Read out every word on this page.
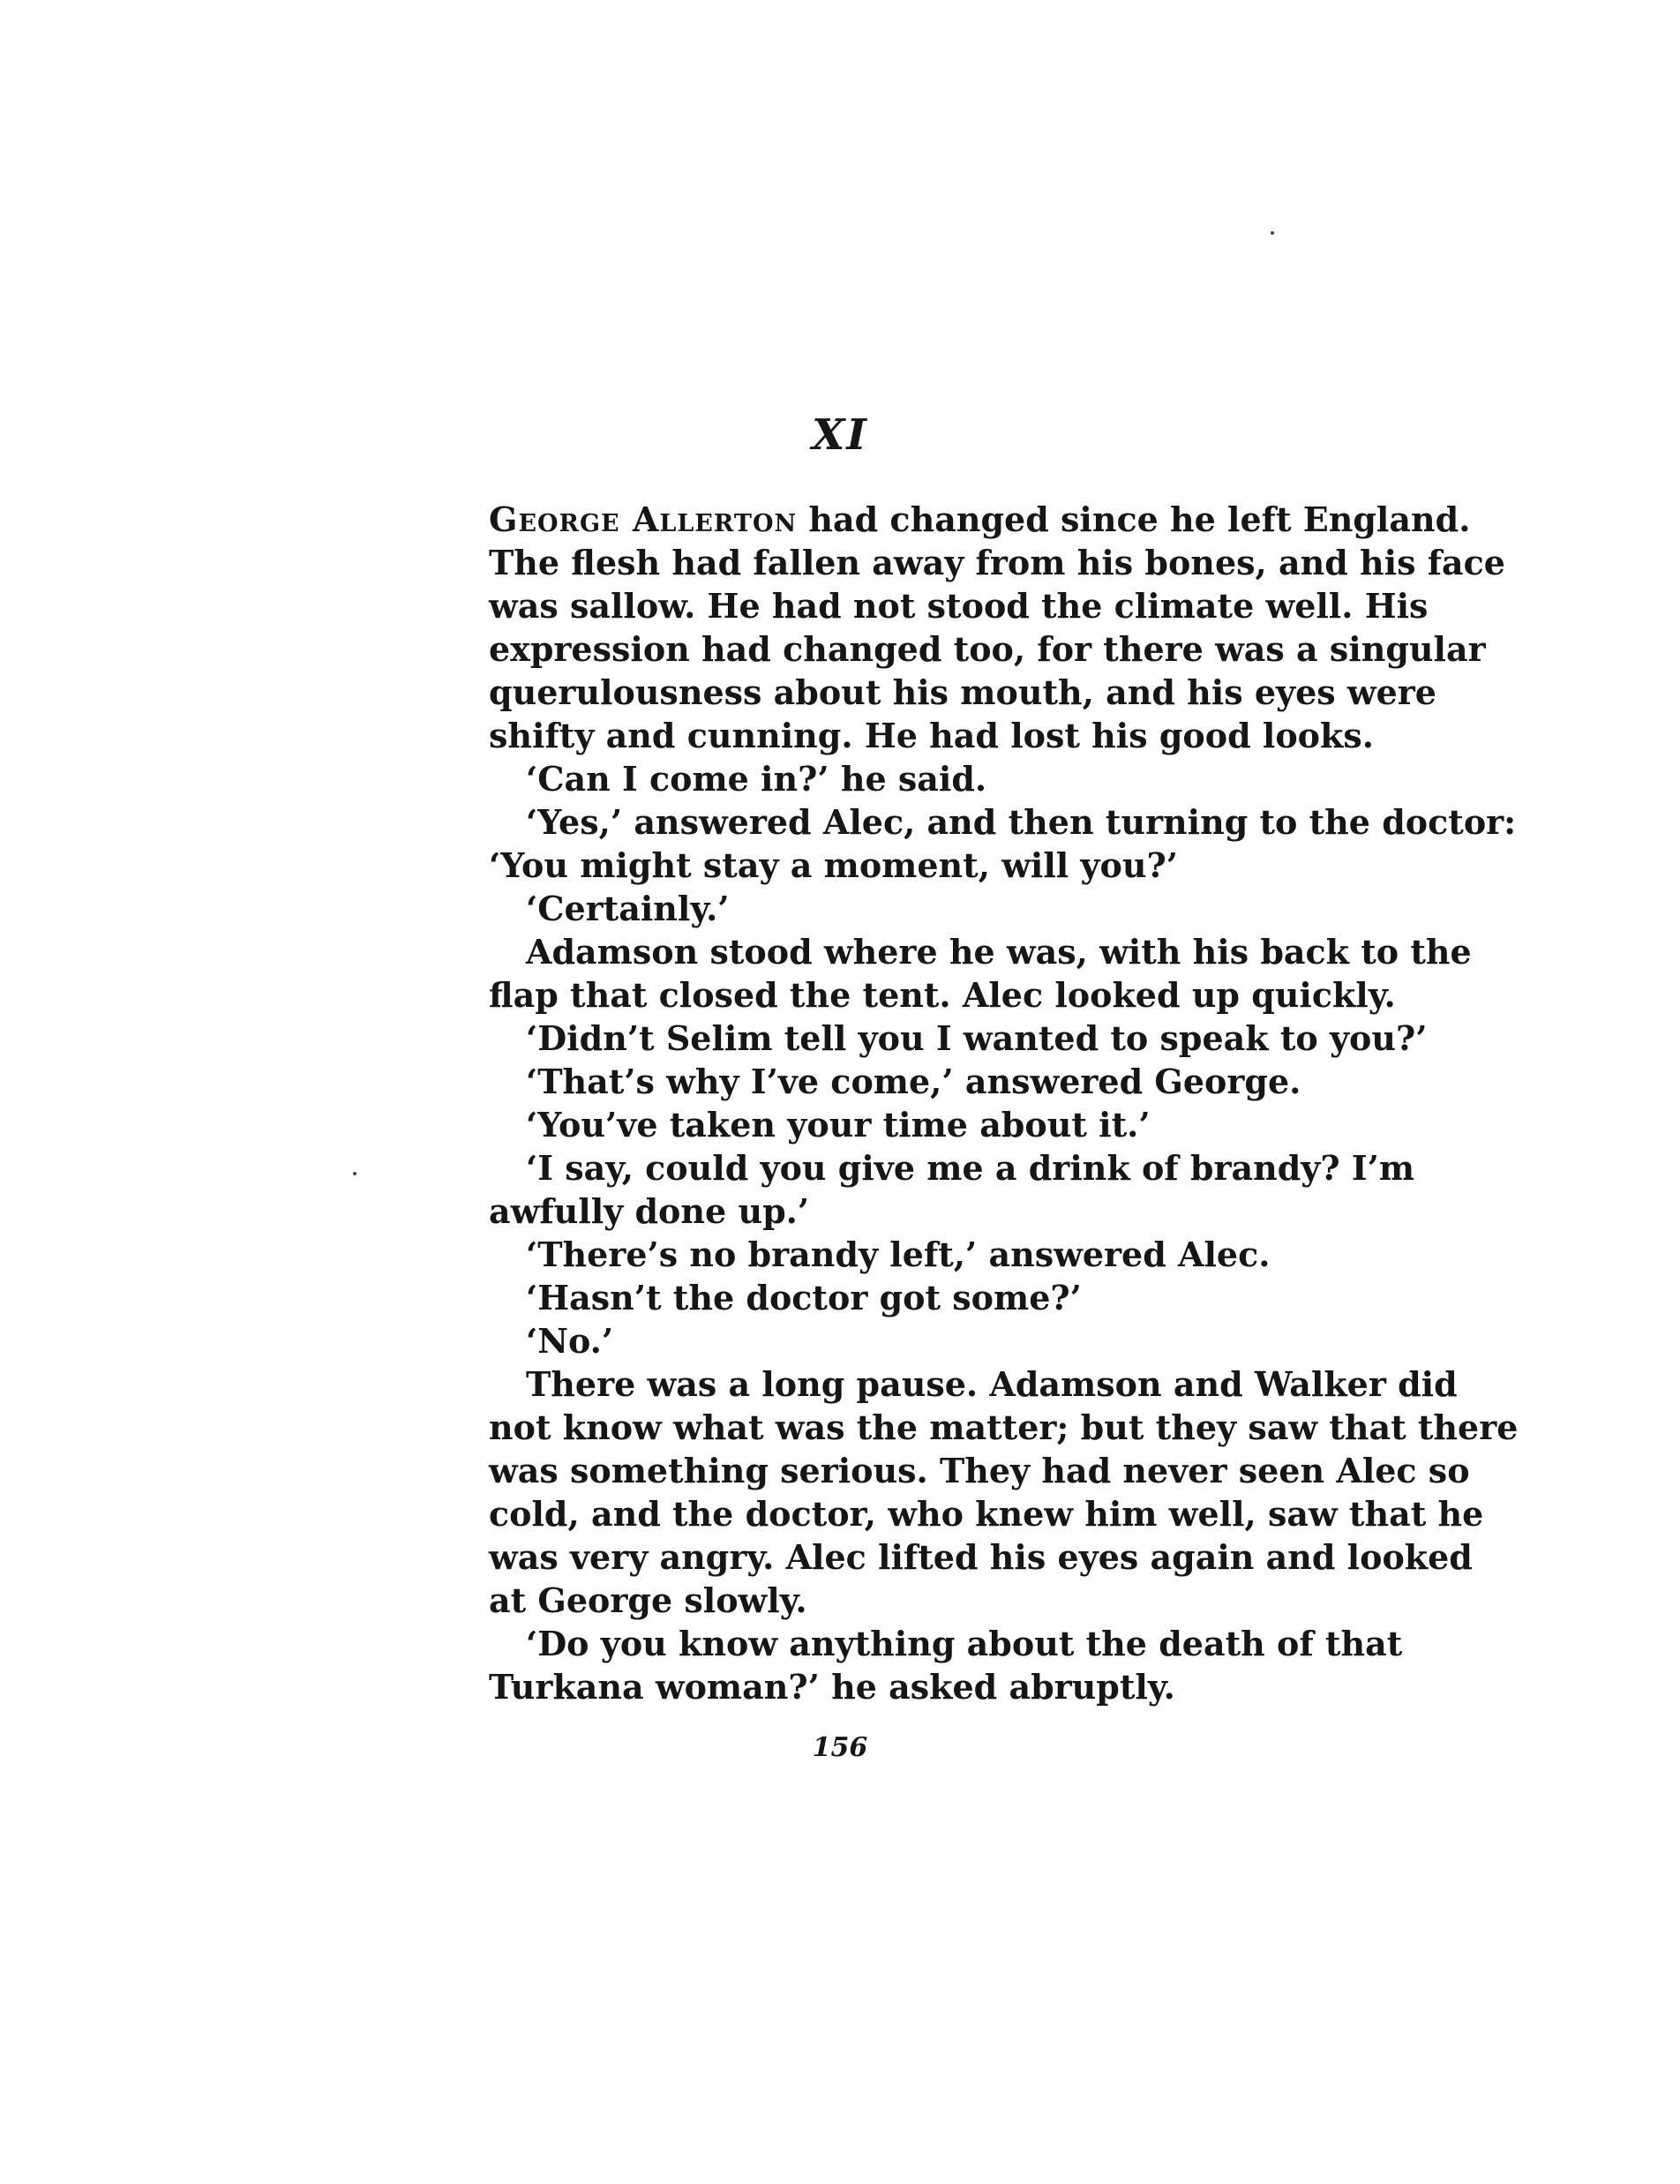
XI
George Allerton had changed since he left England.
The flesh had fallen away from his bones, and his face
was sallow. He had not stood the climate well. His
expression had changed too, for there was a singular
querulousness about his mouth, and his eyes were
shifty and cunning. He had lost his good looks.
‘Can I come in?’ he said.
‘Yes,’ answered Alec, and then turning to the doctor:
‘You might stay a moment, will you?’
‘Certainly.’
Adamson stood where he was, with his back to the
flap that closed the tent. Alec looked up quickly.
‘Didn’t Selim tell you I wanted to speak to you?’
‘That’s why I’ve come,’ answered George.
‘You’ve taken your time about it.’
‘I say, could you give me a drink of brandy? I’m
awfully done up.’
‘There’s no brandy left,’ answered Alec.
‘Hasn’t the doctor got some?’
‘No.’
There was a long pause. Adamson and Walker did
not know what was the matter; but they saw that there
was something serious. They had never seen Alec so
cold, and the doctor, who knew him well, saw that he
was very angry. Alec lifted his eyes again and looked
at George slowly.
‘Do you know anything about the death of that
Turkana woman?’ he asked abruptly.
156
